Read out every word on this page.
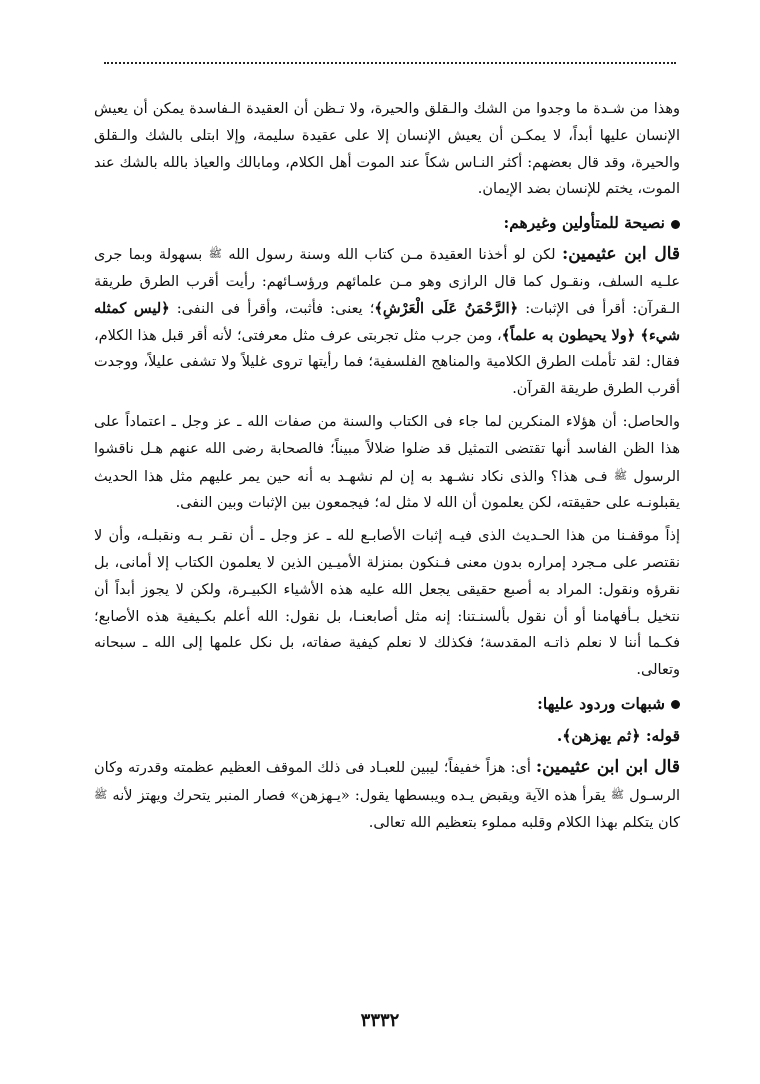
وهذا من شـدة ما وجدوا من الشك والـقلق والحيرة، ولا تـظن أن العقيدة الـفاسدة يمكن أن يعيش الإنسان عليها أبداً، لا يمكـن أن يعيش الإنسان إلا على عقيدة سليمة، وإلا ابتلى بالشك والـقلق والحيرة، وقد قال بعضهم: أكثر النـاس شكاً عند الموت أهل الكلام، ومابالك والعياذ بالله بالشك عند الموت، يختم للإنسان بضد الإيمان.

نصيحة للمتأولين وغيرهم:

قال ابن عثيمين: لكن لو أخذنا العقيدة مـن كتاب الله وسنة رسول الله ﷺ بسهولة وبما جرى علـيه السلف، ونقـول كما قال الرازى وهو مـن علمائهم ورؤسـائهم: رأيت أقرب الطرق طريقة الـقرآن: أقرأ فى الإثبات: ﴿الرَّحْمَنُ عَلَى الْعَرْشِ﴾؛ يعنى: فأثبت، وأقرأ فى النفى: ﴿ليس كمثله شيء﴾ ﴿ولا يحيطون به علماً﴾، ومن جرب مثل تجربتى عرف مثل معرفتى؛ لأنه أقر قبل هذا الكلام، فقال: لقد تأملت الطرق الكلامية والمناهج الفلسفية؛ فما رأيتها تروى غليلاً ولا تشفى عليلاً، ووجدت أقرب الطرق طريقة القرآن.

والحاصل: أن هؤلاء المنكرين لما جاء فى الكتاب والسنة من صفات الله ـ عز وجل ـ اعتماداً على هذا الظن الفاسد أنها تقتضى التمثيل قد ضلوا ضلالاً مبيناً؛ فالصحابة رضى الله عنهم هـل ناقشوا الرسول ﷺ فـى هذا؟ والذى نكاد نشـهد به إن لم نشهـد به أنه حين يمر عليهم مثل هذا الحديث يقبلونـه على حقيقته، لكن يعلمون أن الله لا مثل له؛ فيجمعون بين الإثبات وبين النفى.

إذاً موقفـنا من هذا الحـديث الذى فيـه إثبات الأصابـع لله ـ عز وجل ـ أن نقـر بـه ونقبلـه، وأن لا نقتصر على مـجرد إمراره بدون معنى فـنكون بمنزلة الأميـين الذين لا يعلمون الكتاب إلا أمانى، بل نقرؤه ونقول: المراد به أصبع حقيقى يجعل الله عليه هذه الأشياء الكبيـرة، ولكن لا يجوز أبداً أن نتخيل بـأفهامنا أو أن نقول بألسنـتنا: إنه مثل أصابعنـا، بل نقول: الله أعلم بكـيفية هذه الأصابع؛ فكـما أننا لا نعلم ذاتـه المقدسة؛ فكذلك لا نعلم كيفية صفاته، بل نكل علمها إلى الله ـ سبحانه وتعالى.

شبهات وردود عليها:
قوله: ﴿ثم يهزهن﴾.

قال ابن ابن عثيمين: أى: هزاً خفيفاً؛ ليبين للعبـاد فى ذلك الموقف العظيم عظمته وقدرته وكان الرسـول ﷺ يقرأ هذه الآية ويقبض يـده ويبسطها يقول: «يـهزهن» فصار المنبر يتحرك ويهتز لأنه ﷺ كان يتكلم بهذا الكلام وقلبه مملوء بتعظيم الله تعالى.

٣٣٣٢
